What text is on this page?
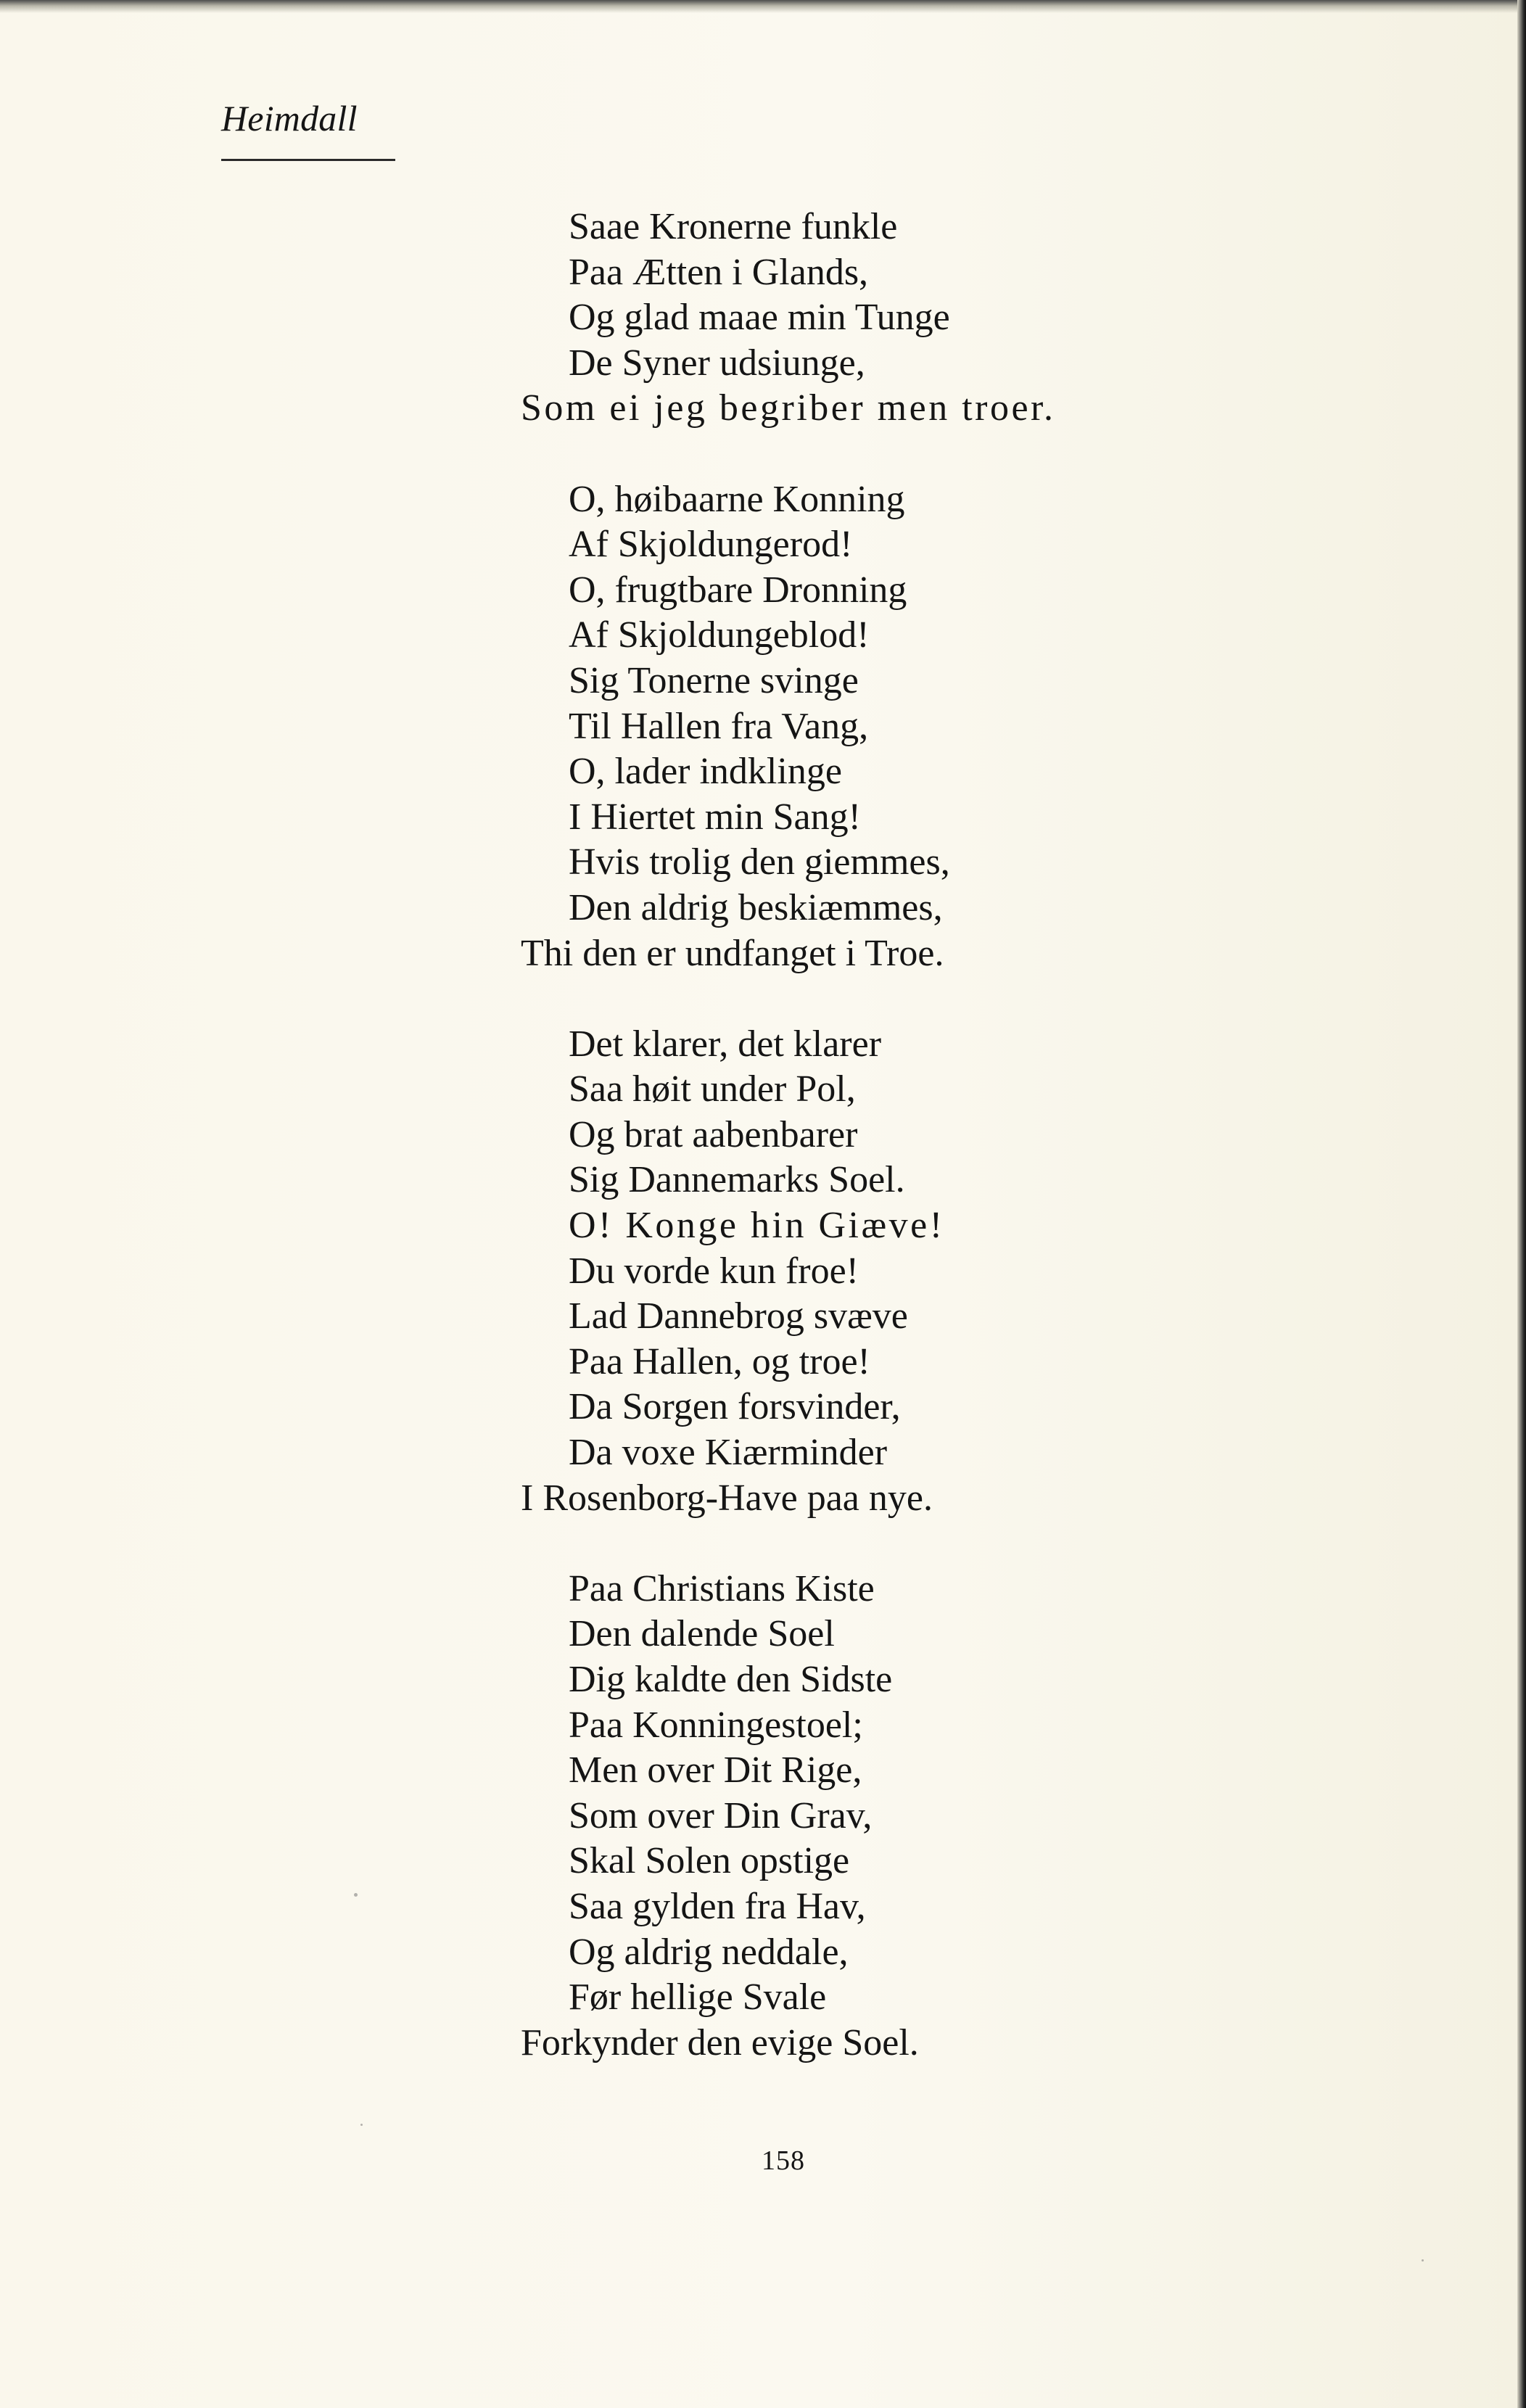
Heimdall
Saae Kronerne funkle
Paa Ætten i Glands,
Og glad maae min Tunge
De Syner udsiunge,
Som ei jeg begriber men troer.
O, høibaarne Konning
Af Skjoldungerod!
O, frugtbare Dronning
Af Skjoldungeblod!
Sig Tonerne svinge
Til Hallen fra Vang,
O, lader indklinge
I Hiertet min Sang!
Hvis trolig den giemmes,
Den aldrig beskiæmmes,
Thi den er undfanget i Troe.
Det klarer, det klarer
Saa høit under Pol,
Og brat aabenbarer
Sig Dannemarks Soel.
O! Konge hin Giæve!
Du vorde kun froe!
Lad Dannebrog svæve
Paa Hallen, og troe!
Da Sorgen forsvinder,
Da voxe Kiærminder
I Rosenborg-Have paa nye.
Paa Christians Kiste
Den dalende Soel
Dig kaldte den Sidste
Paa Konningestoel;
Men over Dit Rige,
Som over Din Grav,
Skal Solen opstige
Saa gylden fra Hav,
Og aldrig neddale,
Før hellige Svale
Forkynder den evige Soel.
158
